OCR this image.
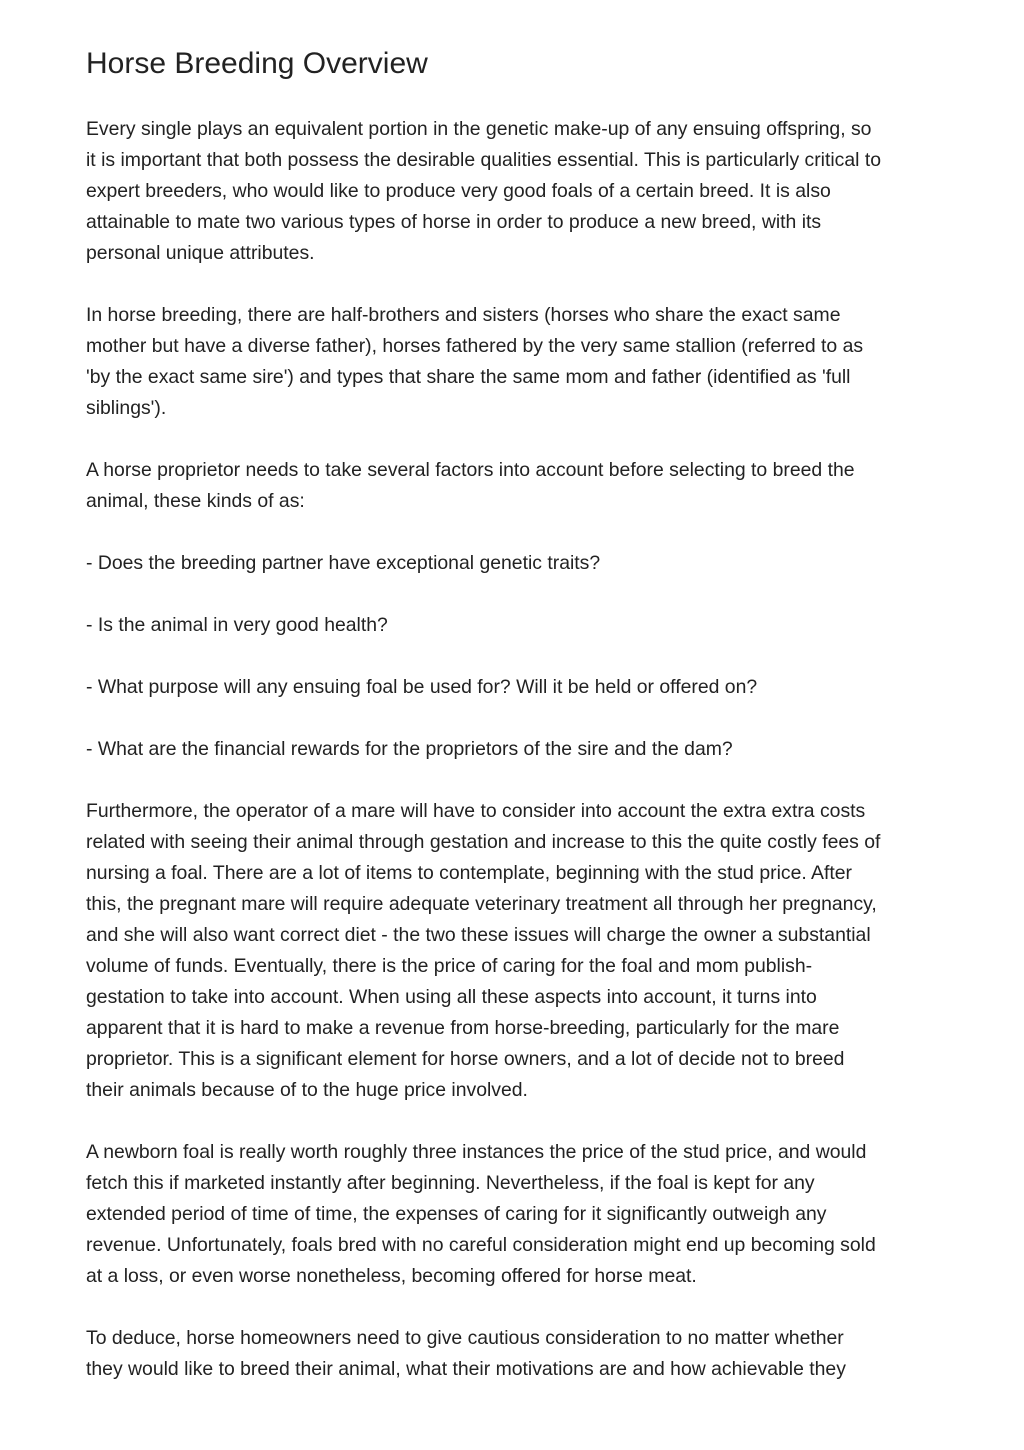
Horse Breeding Overview
Every single plays an equivalent portion in the genetic make-up of any ensuing offspring, so
it is important that both possess the desirable qualities essential. This is particularly critical to
expert breeders, who would like to produce very good foals of a certain breed. It is also
attainable to mate two various types of horse in order to produce a new breed, with its
personal unique attributes.
In horse breeding, there are half-brothers and sisters (horses who share the exact same
mother but have a diverse father), horses fathered by the very same stallion (referred to as
'by the exact same sire') and types that share the same mom and father (identified as 'full
siblings').
A horse proprietor needs to take several factors into account before selecting to breed the
animal, these kinds of as:
- Does the breeding partner have exceptional genetic traits?
- Is the animal in very good health?
- What purpose will any ensuing foal be used for? Will it be held or offered on?
- What are the financial rewards for the proprietors of the sire and the dam?
Furthermore, the operator of a mare will have to consider into account the extra extra costs
related with seeing their animal through gestation and increase to this the quite costly fees of
nursing a foal. There are a lot of items to contemplate, beginning with the stud price. After
this, the pregnant mare will require adequate veterinary treatment all through her pregnancy,
and she will also want correct diet - the two these issues will charge the owner a substantial
volume of funds. Eventually, there is the price of caring for the foal and mom publish-
gestation to take into account. When using all these aspects into account, it turns into
apparent that it is hard to make a revenue from horse-breeding, particularly for the mare
proprietor. This is a significant element for horse owners, and a lot of decide not to breed
their animals because of to the huge price involved.
A newborn foal is really worth roughly three instances the price of the stud price, and would
fetch this if marketed instantly after beginning. Nevertheless, if the foal is kept for any
extended period of time of time, the expenses of caring for it significantly outweigh any
revenue. Unfortunately, foals bred with no careful consideration might end up becoming sold
at a loss, or even worse nonetheless, becoming offered for horse meat.
To deduce, horse homeowners need to give cautious consideration to no matter whether
they would like to breed their animal, what their motivations are and how achievable they
